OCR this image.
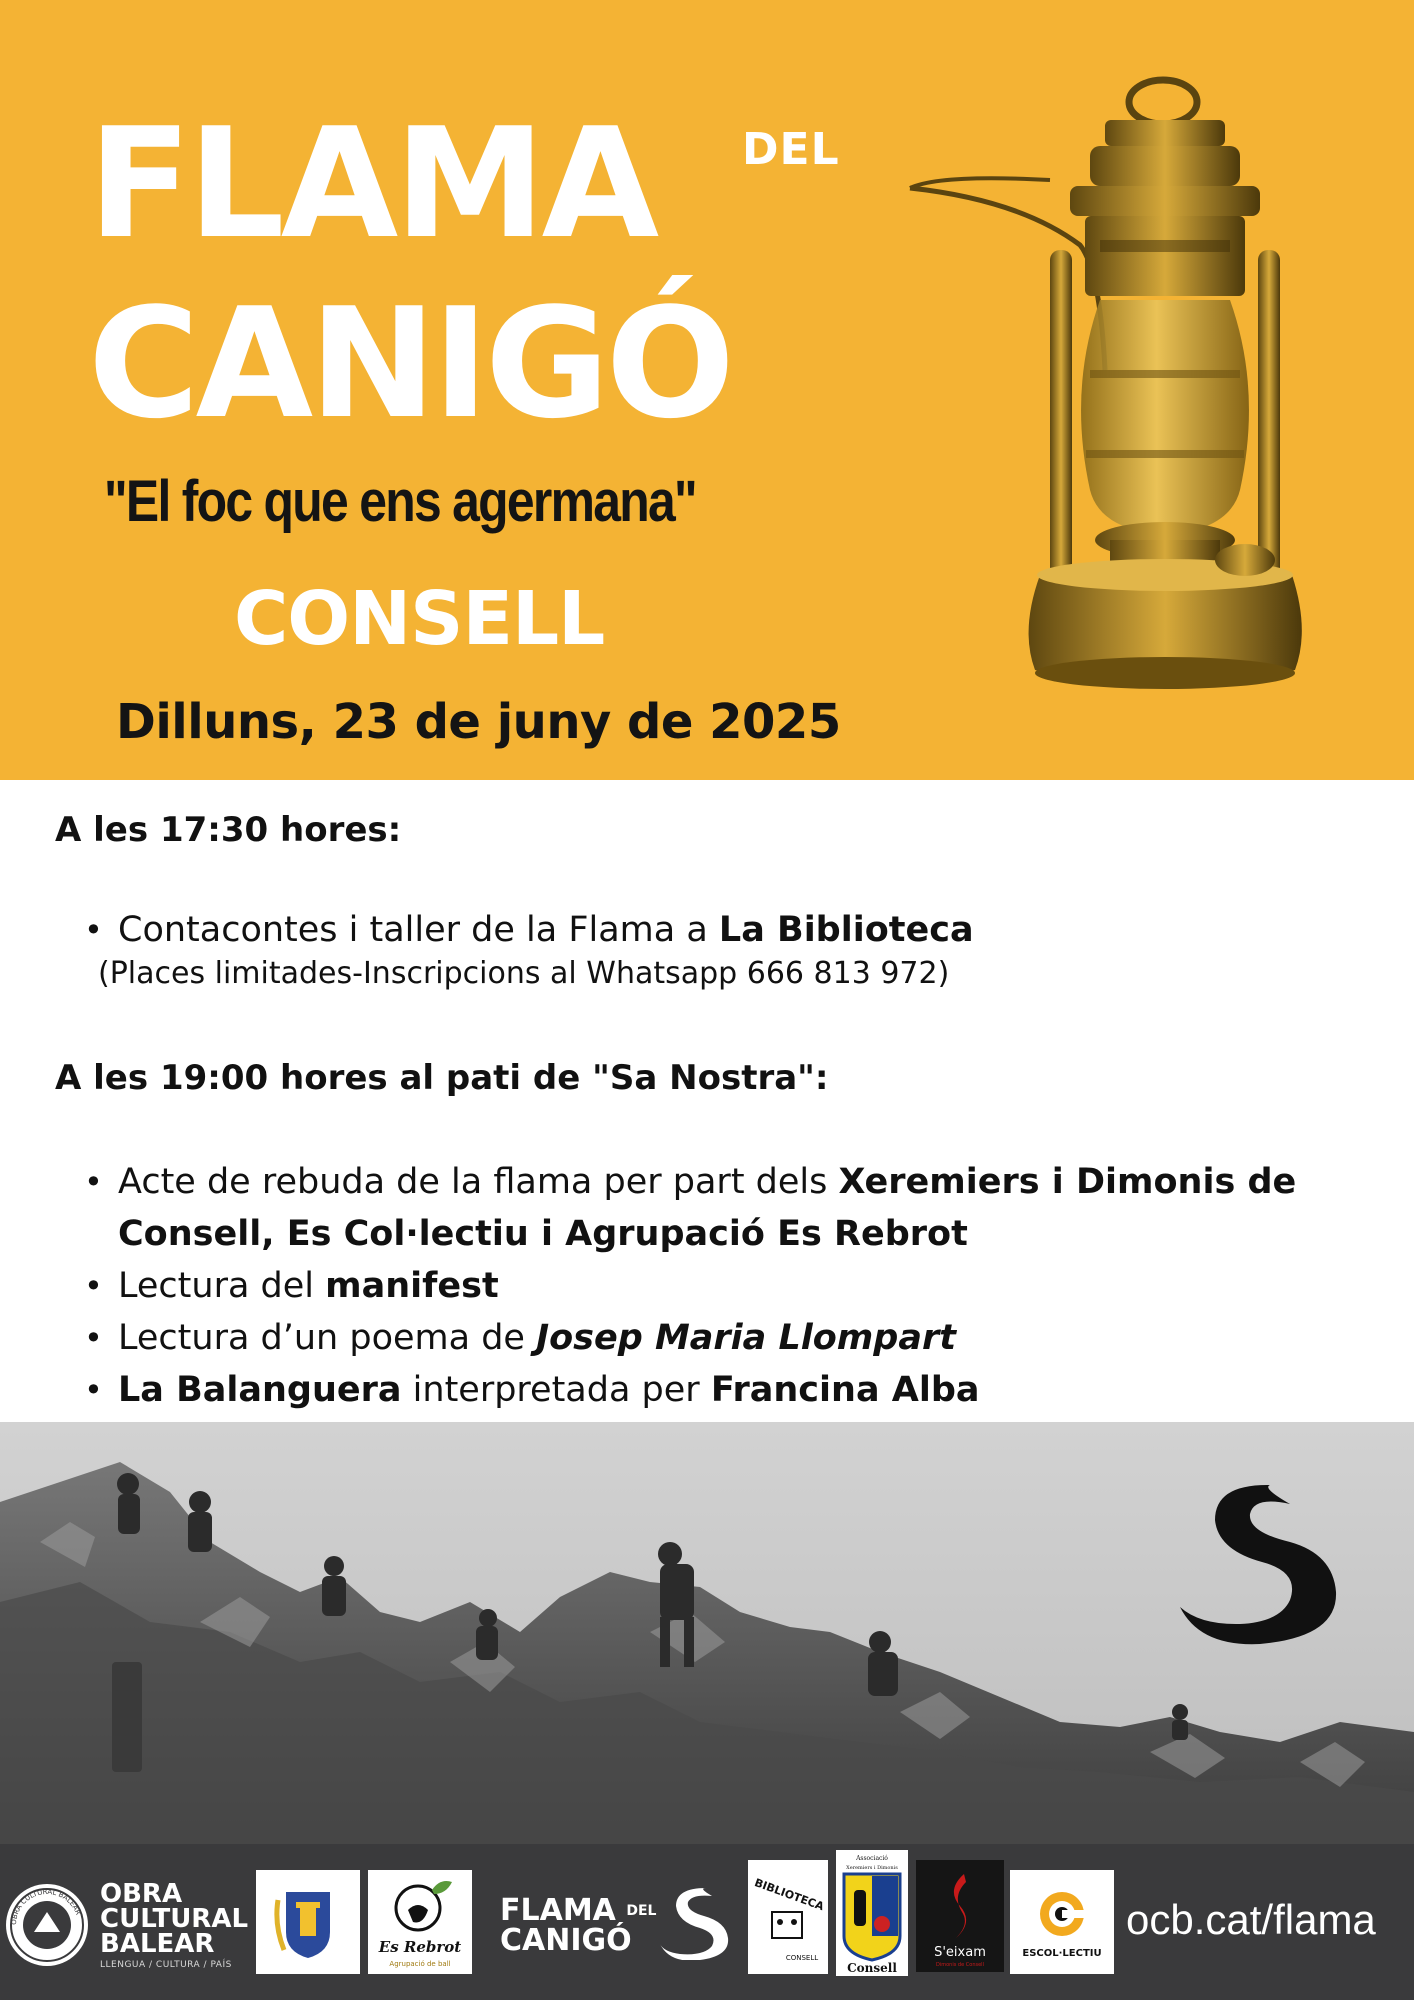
FLAMA DEL
CANIGÓ
"El foc que ens agermana"
CONSELL
Dilluns, 23 de juny de 2025
A les 17:30 hores:
• Contacontes i taller de la Flama a La Biblioteca
(Places limitades-Inscripcions al Whatsapp 666 813 972)
A les 19:00 hores al pati de "Sa Nostra":
• Acte de rebuda de la flama per part dels Xeremiers i Dimonis de Consell, Es Col·lectiu i Agrupació Es Rebrot
• Lectura del manifest
• Lectura d’un poema de Josep Maria Llompart
• La Balanguera interpretada per Francina Alba
OBRA CULTURAL BALEAR
OBRA
CULTURAL
BALEAR
LLENGUA / CULTURA / PAÍS
Es Rebrot
Agrupació de ball
FLAMA $^{DEL}$
CANIGÓ
BIBLIOTECA
CONSELL
Associació
Xeremiers i Dimonis
Consell
S'eixam
Dimonis de Consell
ESCOL·LECTIU
ocb.cat/flama
